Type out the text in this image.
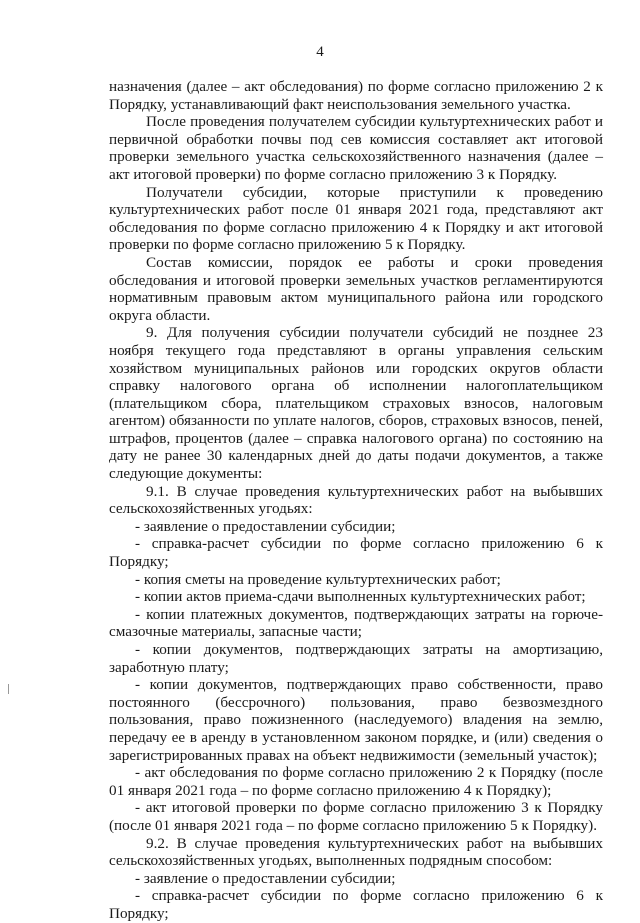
4

назначения (далее – акт обследования) по форме согласно приложению 2 к Порядку, устанавливающий факт неиспользования земельного участка.

После проведения получателем субсидии культуртехнических работ и первичной обработки почвы под сев комиссия составляет акт итоговой проверки земельного участка сельскохозяйственного назначения (далее – акт итоговой проверки) по форме согласно приложению 3 к Порядку.

Получатели субсидии, которые приступили к проведению культуртехнических работ после 01 января 2021 года, представляют акт обследования по форме согласно приложению 4 к Порядку и акт итоговой проверки по форме согласно приложению 5 к Порядку.

Состав комиссии, порядок ее работы и сроки проведения обследования и итоговой проверки земельных участков регламентируются нормативным правовым актом муниципального района или городского округа области.

9. Для получения субсидии получатели субсидий не позднее 23 ноября текущего года представляют в органы управления сельским хозяйством муниципальных районов или городских округов области справку налогового органа об исполнении налогоплательщиком (плательщиком сбора, плательщиком страховых взносов, налоговым агентом) обязанности по уплате налогов, сборов, страховых взносов, пеней, штрафов, процентов (далее – справка налогового органа) по состоянию на дату не ранее 30 календарных дней до даты подачи документов, а также следующие документы:

9.1. В случае проведения культуртехнических работ на выбывших сельскохозяйственных угодьях:

- заявление о предоставлении субсидии;

- справка-расчет субсидии по форме согласно приложению 6 к Порядку;

- копия сметы на проведение культуртехнических работ;

- копии актов приема-сдачи выполненных культуртехнических работ;

- копии платежных документов, подтверждающих затраты на горюче-смазочные материалы, запасные части;

- копии документов, подтверждающих затраты на амортизацию, заработную плату;

- копии документов, подтверждающих право собственности, право постоянного (бессрочного) пользования, право безвозмездного пользования, право пожизненного (наследуемого) владения на землю, передачу ее в аренду в установленном законом порядке, и (или) сведения о зарегистрированных правах на объект недвижимости (земельный участок);

- акт обследования по форме согласно приложению 2 к Порядку (после 01 января 2021 года – по форме согласно приложению 4 к Порядку);

- акт итоговой проверки по форме согласно приложению 3 к Порядку (после 01 января 2021 года – по форме согласно приложению 5 к Порядку).

9.2. В случае проведения культуртехнических работ на выбывших сельскохозяйственных угодьях, выполненных подрядным способом:

- заявление о предоставлении субсидии;

- справка-расчет субсидии по форме согласно приложению 6 к Порядку;
